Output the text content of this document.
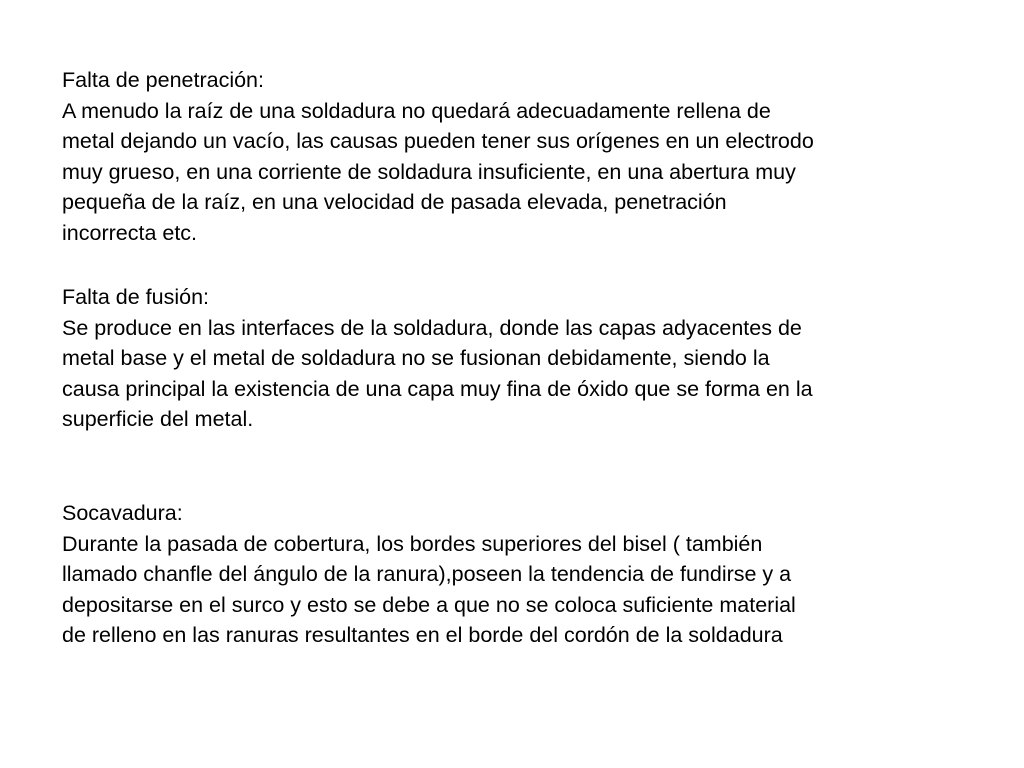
Falta de penetración:
A menudo la raíz de una soldadura no quedará adecuadamente rellena de
metal dejando un vacío, las causas pueden tener sus orígenes en un electrodo
muy grueso, en una corriente de soldadura insuficiente, en una abertura muy
pequeña de la raíz, en una velocidad de pasada elevada, penetración
incorrecta etc.
Falta de fusión:
Se produce en las interfaces de la soldadura, donde las capas adyacentes de
metal base y el metal de soldadura no se fusionan debidamente, siendo la
causa principal la existencia de una capa muy fina de óxido que se forma en la
superficie del metal.
Socavadura:
Durante la pasada de cobertura, los bordes superiores del bisel ( también
llamado chanfle del ángulo de la ranura),poseen la tendencia de fundirse y a
depositarse en el surco y esto se debe a que no se coloca suficiente material
de relleno en las ranuras resultantes en el borde del cordón de la soldadura
